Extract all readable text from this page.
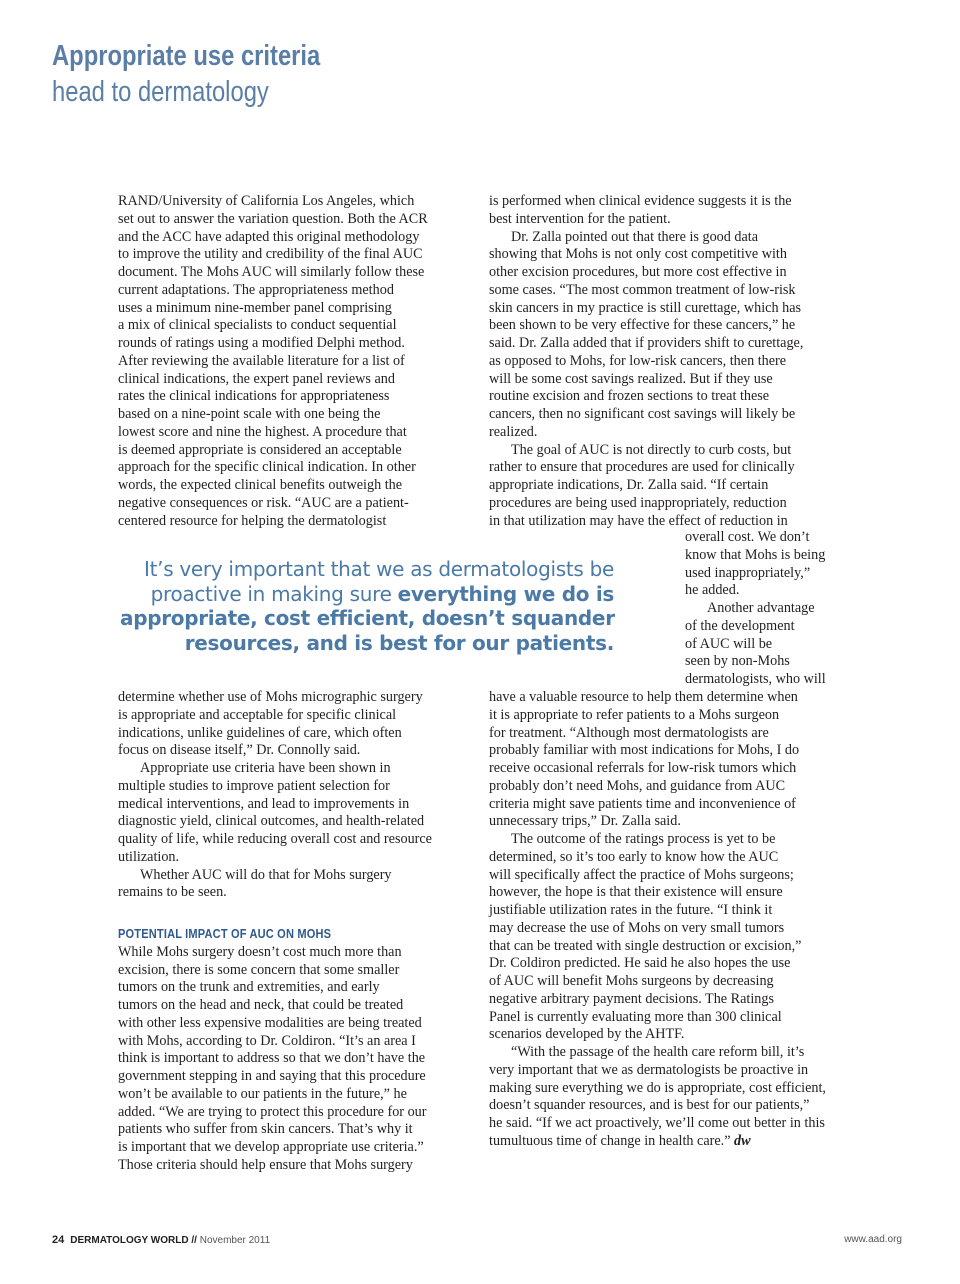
Appropriate use criteria
head to dermatology

RAND/University of California Los Angeles, which

set out to answer the variation question. Both the ACR

and the ACC have adapted this original methodology

to improve the utility and credibility of the final AUC

document. The Mohs AUC will similarly follow these

current adaptations. The appropriateness method

uses a minimum nine-member panel comprising

a mix of clinical specialists to conduct sequential

rounds of ratings using a modified Delphi method.

After reviewing the available literature for a list of

clinical indications, the expert panel reviews and

rates the clinical indications for appropriateness

based on a nine-point scale with one being the

lowest score and nine the highest. A procedure that

is deemed appropriate is considered an acceptable

approach for the specific clinical indication. In other

words, the expected clinical benefits outweigh the

negative consequences or risk. “AUC are a patient-

centered resource for helping the dermatologist

It’s very important that we as dermatologists be
proactive in making sure everything we do is
appropriate, cost efficient, doesn’t squander
resources, and is best for our patients.

determine whether use of Mohs micrographic surgery

is appropriate and acceptable for specific clinical

indications, unlike guidelines of care, which often

focus on disease itself,” Dr. Connolly said.

Appropriate use criteria have been shown in

multiple studies to improve patient selection for

medical interventions, and lead to improvements in

diagnostic yield, clinical outcomes, and health-related

quality of life, while reducing overall cost and resource

utilization.

Whether AUC will do that for Mohs surgery

remains to be seen.

POTENTIAL IMPACT OF AUC ON MOHS

While Mohs surgery doesn’t cost much more than

excision, there is some concern that some smaller

tumors on the trunk and extremities, and early

tumors on the head and neck, that could be treated

with other less expensive modalities are being treated

with Mohs, according to Dr. Coldiron. “It’s an area I

think is important to address so that we don’t have the

government stepping in and saying that this procedure

won’t be available to our patients in the future,” he

added. “We are trying to protect this procedure for our

patients who suffer from skin cancers. That’s why it

is important that we develop appropriate use criteria.”

Those criteria should help ensure that Mohs surgery

is performed when clinical evidence suggests it is the

best intervention for the patient.

Dr. Zalla pointed out that there is good data

showing that Mohs is not only cost competitive with

other excision procedures, but more cost effective in

some cases. “The most common treatment of low-risk

skin cancers in my practice is still curettage, which has

been shown to be very effective for these cancers,” he

said. Dr. Zalla added that if providers shift to curettage,

as opposed to Mohs, for low-risk cancers, then there

will be some cost savings realized. But if they use

routine excision and frozen sections to treat these

cancers, then no significant cost savings will likely be

realized.

The goal of AUC is not directly to curb costs, but

rather to ensure that procedures are used for clinically

appropriate indications, Dr. Zalla said. “If certain

procedures are being used inappropriately, reduction

in that utilization may have the effect of reduction in

overall cost. We don’t

know that Mohs is being

used inappropriately,”

he added.

Another advantage

of the development

of AUC will be

seen by non-Mohs

dermatologists, who will

have a valuable resource to help them determine when

it is appropriate to refer patients to a Mohs surgeon

for treatment. “Although most dermatologists are

probably familiar with most indications for Mohs, I do

receive occasional referrals for low-risk tumors which

probably don’t need Mohs, and guidance from AUC

criteria might save patients time and inconvenience of

unnecessary trips,” Dr. Zalla said.

The outcome of the ratings process is yet to be

determined, so it’s too early to know how the AUC

will specifically affect the practice of Mohs surgeons;

however, the hope is that their existence will ensure

justifiable utilization rates in the future. “I think it

may decrease the use of Mohs on very small tumors

that can be treated with single destruction or excision,”

Dr. Coldiron predicted. He said he also hopes the use

of AUC will benefit Mohs surgeons by decreasing

negative arbitrary payment decisions. The Ratings

Panel is currently evaluating more than 300 clinical

scenarios developed by the AHTF.

“With the passage of the health care reform bill, it’s

very important that we as dermatologists be proactive in

making sure everything we do is appropriate, cost efficient,

doesn’t squander resources, and is best for our patients,”

he said. “If we act proactively, we’ll come out better in this

tumultuous time of change in health care.” dw

24 DERMATOLOGY WORLD // November 2011	www.aad.org
